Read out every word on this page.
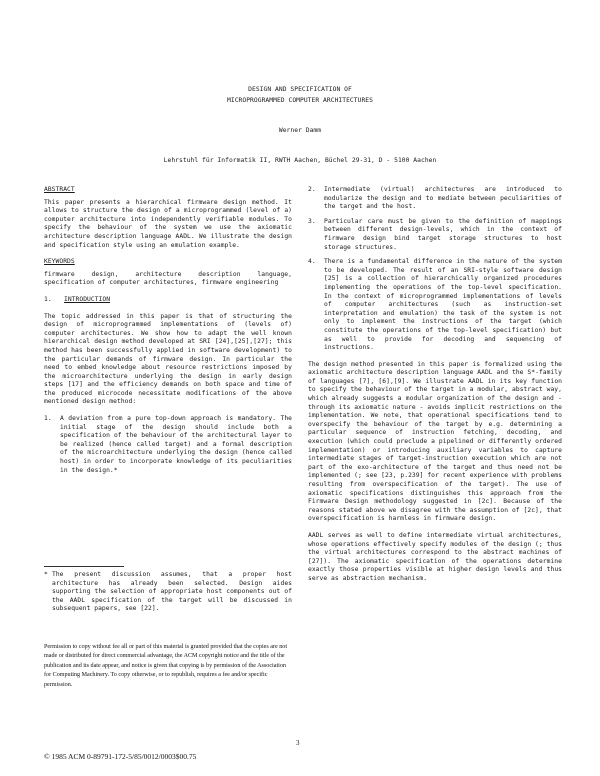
DESIGN AND SPECIFICATION OF
MICROPROGRAMMED COMPUTER ARCHITECTURES
Werner Damm
Lehrstuhl für Informatik II, RWTH Aachen, Büchel 29-31, D - 5100 Aachen
ABSTRACT

This paper presents a hierarchical firmware design method. It allows to structure the design of a microprogrammed (level of a) computer architecture into independently verifiable modules. To specify the behaviour of the system we use the axiomatic architecture description language AADL. We illustrate the design and specification style using an emulation example.

KEYWORDS

firmware design, architecture description language, specification of computer architectures, firmware engineering

1. INTRODUCTION

The topic addressed in this paper is that of structuring the design of microprogrammed implementations of (levels of) computer architectures. We show how to adapt the well known hierarchical design method developed at SRI [24],[25],[27]; this method has been successfully applied in software development) to the particular demands of firmware design. In particular the need to embed knowledge about resource restrictions imposed by the microarchitecture underlying the design in early design steps [17] and the efficiency demands on both space and time of the produced microcode necessitate modifications of the above mentioned design method:

1. A deviation from a pure top-down approach is mandatory. The initial stage of the design should include both a specification of the behaviour of the architectural layer to be realized (hence called target) and a formal description of the microarchitecture underlying the design (hence called host) in order to incorporate knowledge of its peculiarities in the design.*
* The present discussion assumes, that a proper host architecture has already been selected. Design aides supporting the selection of appropriate host components out of the AADL specification of the target will be discussed in subsequent papers, see [22].
Permission to copy without fee all or part of this material is granted provided that the copies are not made or distributed for direct commercial advantage, the ACM copyright notice and the title of the publication and its date appear, and notice is given that copying is by permission of the Association for Computing Machinery. To copy otherwise, or to republish, requires a fee and/or specific permission.
2. Intermediate (virtual) architectures are introduced to modularize the design and to mediate between peculiarities of the target and the host.
3. Particular care must be given to the definition of mappings between different design-levels, which in the context of firmware design bind target storage structures to host storage structures.
4. There is a fundamental difference in the nature of the system to be developed. The result of an SRI-style software design [25] is a collection of hierarchically organized procedures implementing the operations of the top-level specification. In the context of microprogrammed implementations of levels of computer architectures (such as instruction-set interpretation and emulation) the task of the system is not only to implement the instructions of the target (which constitute the operations of the top-level specification) but as well to provide for decoding and sequencing of instructions.

The design method presented in this paper is formalized using the axiomatic architecture description language AADL and the S*-family of languages [7], [6],[9]. We illustrate AADL in its key function to specify the behaviour of the target in a modular, abstract way, which already suggests a modular organization of the design and - through its axiomatic nature - avoids implicit restrictions on the implementation. We note, that operational specifications tend to overspecify the behaviour of the target by e.g. determining a particular sequence of instruction fetching, decoding, and execution (which could preclude a pipelined or differently ordered implementation) or introducing auxiliary variables to capture intermediate stages of target-instruction execution which are not part of the exo-architecture of the target and thus need not be implemented (; see [23, p.239] for recent experience with problems resulting from overspecification of the target). The use of axiomatic specifications distinguishes this approach from the Firmware Design methodology suggested in [2c]. Because of the reasons stated above we disagree with the assumption of [2c], that overspecification is harmless in firmware design.

AADL serves as well to define intermediate virtual architectures, whose operations effectively specify modules of the design (; thus the virtual architectures correspond to the abstract machines of [27]). The axiomatic specification of the operations determine exactly those properties visible at higher design levels and thus serve as abstraction mechanism.

3
© 1985 ACM 0-89791-172-5/85/0012/0003$00.75
